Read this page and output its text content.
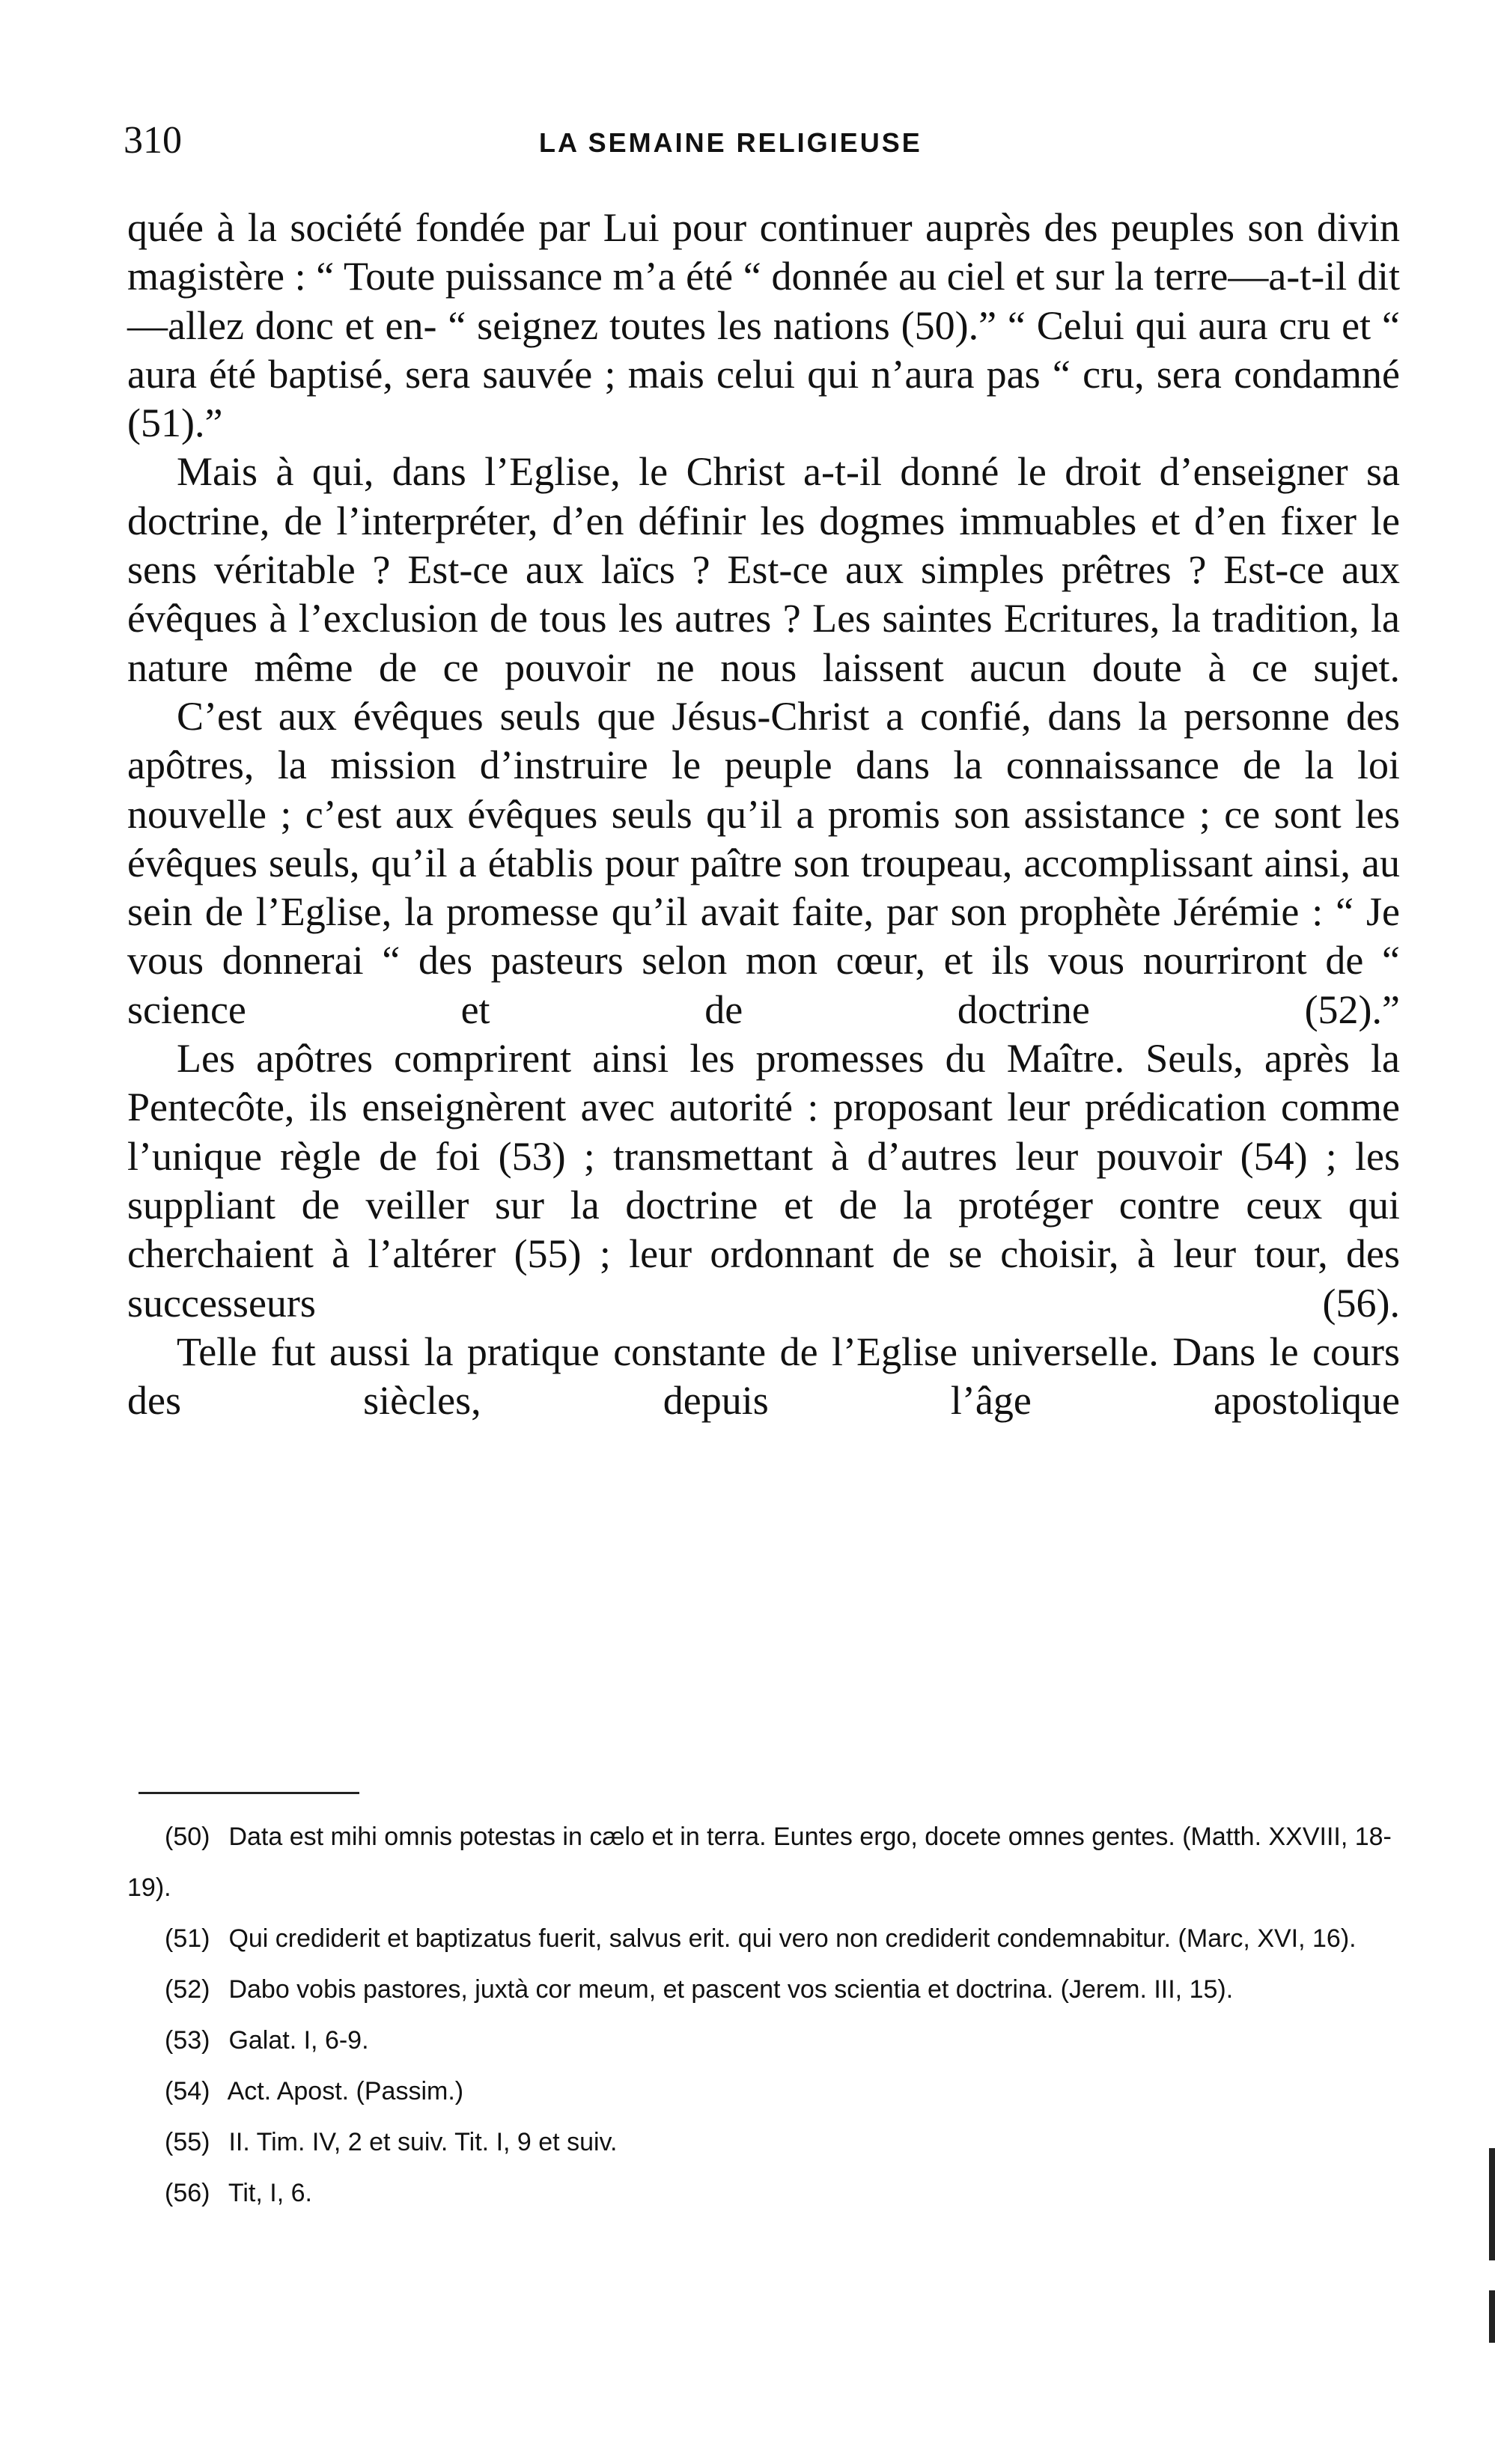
310	LA SEMAINE RELIGIEUSE

quée à la société fondée par Lui pour continuer auprès des peuples son divin magistère : “ Toute puissance m’a été “ donnée au ciel et sur la terre—a-t-il dit—allez donc et en- “ seignez toutes les nations (50).” “ Celui qui aura cru et “ aura été baptisé, sera sauvée ; mais celui qui n’aura pas “ cru, sera condamné (51).”

Mais à qui, dans l’Eglise, le Christ a-t-il donné le droit d’enseigner sa doctrine, de l’interpréter, d’en définir les dogmes immuables et d’en fixer le sens véritable ? Est-ce aux laïcs ? Est-ce aux simples prêtres ? Est-ce aux évêques à l’exclusion de tous les autres ? Les saintes Ecritures, la tradition, la nature même de ce pouvoir ne nous laissent aucun doute à ce sujet.

C’est aux évêques seuls que Jésus-Christ a confié, dans la personne des apôtres, la mission d’instruire le peuple dans la connaissance de la loi nouvelle ; c’est aux évêques seuls qu’il a promis son assistance ; ce sont les évêques seuls, qu’il a établis pour paître son troupeau, accomplissant ainsi, au sein de l’Eglise, la promesse qu’il avait faite, par son prophète Jérémie : “ Je vous donnerai “ des pasteurs selon mon cœur, et ils vous nourriront de “ science et de doctrine (52).”

Les apôtres comprirent ainsi les promesses du Maître. Seuls, après la Pentecôte, ils enseignèrent avec autorité : proposant leur prédication comme l’unique règle de foi (53) ; transmettant à d’autres leur pouvoir (54) ; les suppliant de veiller sur la doctrine et de la protéger contre ceux qui cherchaient à l’altérer (55) ; leur ordonnant de se choisir, à leur tour, des successeurs (56).

Telle fut aussi la pratique constante de l’Eglise universelle. Dans le cours des siècles, depuis l’âge apostolique

(50) Data est mihi omnis potestas in cælo et in terra. Euntes ergo, docete omnes gentes. (Matth. XXVIII, 18-19).

(51) Qui crediderit et baptizatus fuerit, salvus erit. qui vero non crediderit condemnabitur. (Marc, XVI, 16).

(52) Dabo vobis pastores, juxtà cor meum, et pascent vos scientia et doctrina. (Jerem. III, 15).

(53) Galat. I, 6-9.

(54) Act. Apost. (Passim.)

(55) II. Tim. IV, 2 et suiv. Tit. I, 9 et suiv.

(56) Tit, I, 6.
